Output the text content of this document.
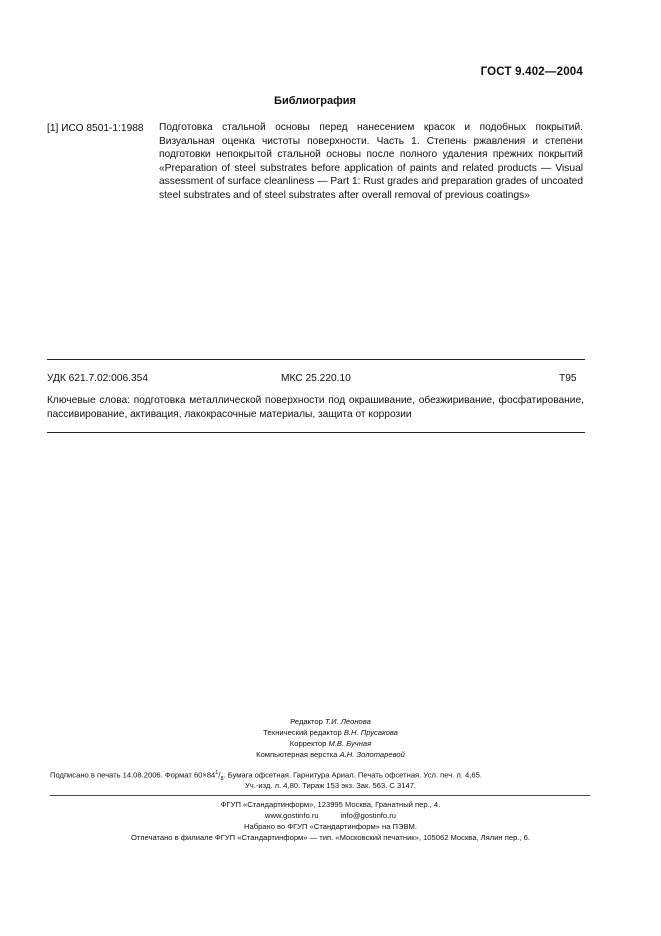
ГОСТ 9.402—2004
Библиография
[1] ИСО 8501-1:1988 Подготовка стальной основы перед нанесением красок и подобных покрытий. Визуальная оценка чистоты поверхности. Часть 1. Степень ржавления и степени подготовки непокрытой стальной основы после полного удаления прежних покрытий «Preparation of steel substrates before application of paints and related products — Visual assessment of surface cleanliness — Part 1: Rust grades and preparation grades of uncoated steel substrates and of steel substrates after overall removal of previous coatings»
УДК 621.7.02:006.354	МКС 25.220.10	Т95
Ключевые слова: подготовка металлической поверхности под окрашивание, обезжиривание, фосфатирование, пассивирование, активация, лакокрасочные материалы, защита от коррозии
Редактор Т.И. Леонова
Технический редактор В.Н. Прусакова
Корректор М.В. Бучная
Компьютерная верстка А.Н. Золотаревой
Подписано в печать 14.08.2006. Формат $60\times 84^1/_8$. Бумага офсетная. Гарнитура Ариал. Печать офсетная. Усл. печ. л. 4,65.
Уч.-изд. л. 4,80. Тираж 153 экз. Зак. 563. С 3147.
ФГУП «Стандартинформ», 123995 Москва, Гранатный пер., 4.
www.gostinfo.ru	info@gostinfo.ru
Набрано во ФГУП «Стандартинформ» на ПЭВМ.
Отпечатано в филиале ФГУП «Стандартинформ» — тип. «Московский печатник», 105062 Москва, Лялин пер., 6.
